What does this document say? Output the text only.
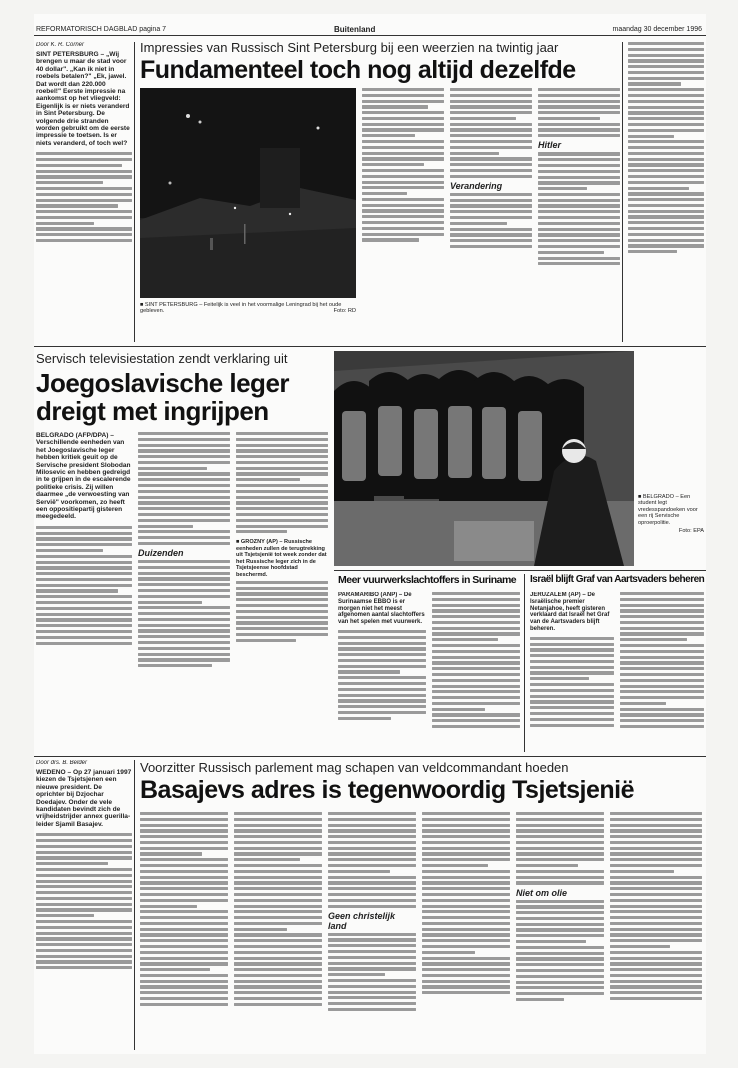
REFORMATORISCH DAGBLAD pagina 7	Buitenland	maandag 30 december 1996
Door K. R. Corner
SINT PETERSBURG – „Wij brengen u maar de stad voor 40 dollar". „Kan ik niet in roebels betalen?" „Ek, jawel. Dat wordt dan 220.000 roebel!" Eerste impressie na aankomst op het vliegveld: Eigenlijk is er niets veranderd in Sint Petersburg. De volgende drie stranden worden gebruikt om de eerste impressie te toetsen. Is er niets veranderd, of toch wel?
Impressies van Russisch Sint Petersburg bij een weerzien na twintig jaar
Fundamenteel toch nog altijd dezelfde
■ SINT PETERSBURG – Feitelijk is veel in het voormalige Leningrad bij het oude gebleven.	Foto: RD
Verandering
Hitler
Servisch televisiestation zendt verklaring uit
Joegoslavische leger
dreigt met ingrijpen
BELGRADO (AFP/DPA) – Verschillende eenheden van het Joegoslavische leger hebben kritiek geuit op de Servische president Slobodan Milosevic en hebben gedreigd in te grijpen in de escalerende politieke crisis. Zij willen daarmee „de verwoesting van Servië" voorkomen, zo heeft een oppositiepartij gisteren meegedeeld.
Duizenden
■ GROZNY (AP) – Russische eenheden zullen de terugtrekking uit Tsjetsjenië tot week zonder dat het Russische leger zich in de Tsjetsjeense hoofdstad beschermd.
■ BELGRADO – Een student legt vredesspandoeken voor een rij Servische oproerpolitie.
Foto: EPA
Meer vuurwerkslachtoffers in Suriname
PARAMARIBO (ANP) – De Surinaamse EBBO is er morgen niet het meest afgenomen aantal slachtoffers van het spelen met vuurwerk.
Israël blijft Graf van Aartsvaders beheren
JERUZALEM (AP) – De Israëlische premier Netanjahoe, heeft gisteren verklaard dat Israël het Graf van de Aartsvaders blijft beheren.
Door drs. B. Belder
WEDENO – Op 27 januari 1997 kiezen de Tsjetsjenen een nieuwe president. De oprichter bij Dzjochar Doedajev. Onder de vele kandidaten bevindt zich de vrijheidstrijder annex guerilla-leider Sjamil Basajev.
Voorzitter Russisch parlement mag schapen van veldcommandant hoeden
Basajevs adres is tegenwoordig Tsjetsjenië
Geen christelijk land
Niet om olie
